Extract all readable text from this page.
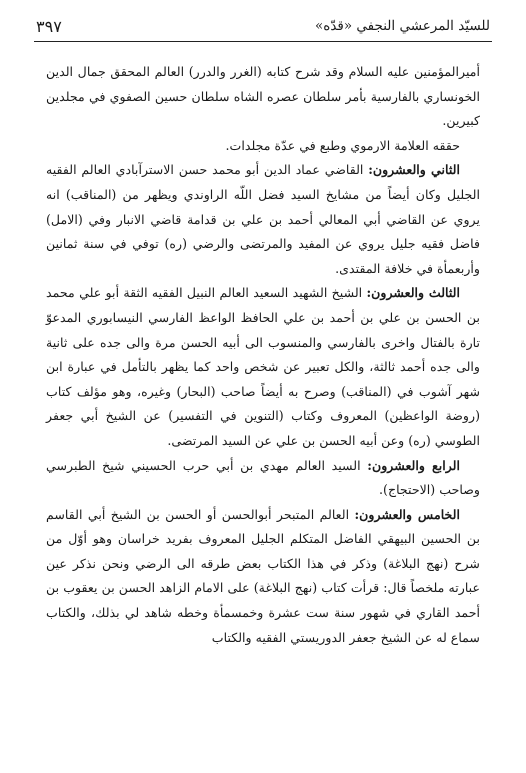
للسيّد المرعشي النجفي «قدّه»
٣٩٧

أميرالمؤمنين عليه السلام وقد شرح كتابه (الغرر والدرر) العالم المحقق جمال الدين الخونساري بالفارسية بأمر سلطان عصره الشاه سلطان حسين الصفوي في مجلدين كبيرين.

حققه العلامة الارموي وطبع في عدّة مجلدات.

الثاني والعشرون: القاضي عماد الدين أبو محمد حسن الاسترآبادي العالم الفقيه الجليل وكان أيضاً من مشايخ السيد فضل اللّه الراوندي ويظهر من (المناقب) انه يروي عن القاضي أبي المعالي أحمد بن علي بن قدامة قاضي الانبار وفي (الامل) فاضل فقيه جليل يروي عن المفيد والمرتضى والرضي (ره) توفي في سنة ثمانين وأربعمأة في خلافة المقتدى.

الثالث والعشرون: الشيخ الشهيد السعيد العالم النبيل الفقيه الثقة أبو علي محمد بن الحسن بن علي بن أحمد بن علي الحافظ الواعظ الفارسي النيسابوري المدعوّ تارة بالفتال واخرى بالفارسي والمنسوب الى أبيه الحسن مرة والى جده على ثانية والى جده أحمد ثالثة، والكل تعبير عن شخص واحد كما يظهر بالتأمل في عبارة ابن شهر آشوب في (المناقب) وصرح به أيضاً صاحب (البحار) وغيره، وهو مؤلف كتاب (روضة الواعظين) المعروف وكتاب (التنوين في التفسير) عن الشيخ أبي جعفر الطوسي (ره) وعن أبيه الحسن بن علي عن السيد المرتضى.

الرابع والعشرون: السيد العالم مهدي بن أبي حرب الحسيني شيخ الطبرسي وصاحب (الاحتجاج).

الخامس والعشرون: العالم المتبحر أبوالحسن أو الحسن بن الشيخ أبي القاسم بن الحسين البيهقي الفاضل المتكلم الجليل المعروف بفريد خراسان وهو أوّل من شرح (نهج البلاغة) وذكر في هذا الكتاب بعض طرقه الى الرضي ونحن نذكر عين عبارته ملخصاً قال: قرأت كتاب (نهج البلاغة) على الامام الزاهد الحسن بن يعقوب بن أحمد القاري في شهور سنة ست عشرة وخمسمأة وخطه شاهد لي بذلك، والكتاب سماع له عن الشيخ جعفر الدوريستي الفقيه والكتاب
